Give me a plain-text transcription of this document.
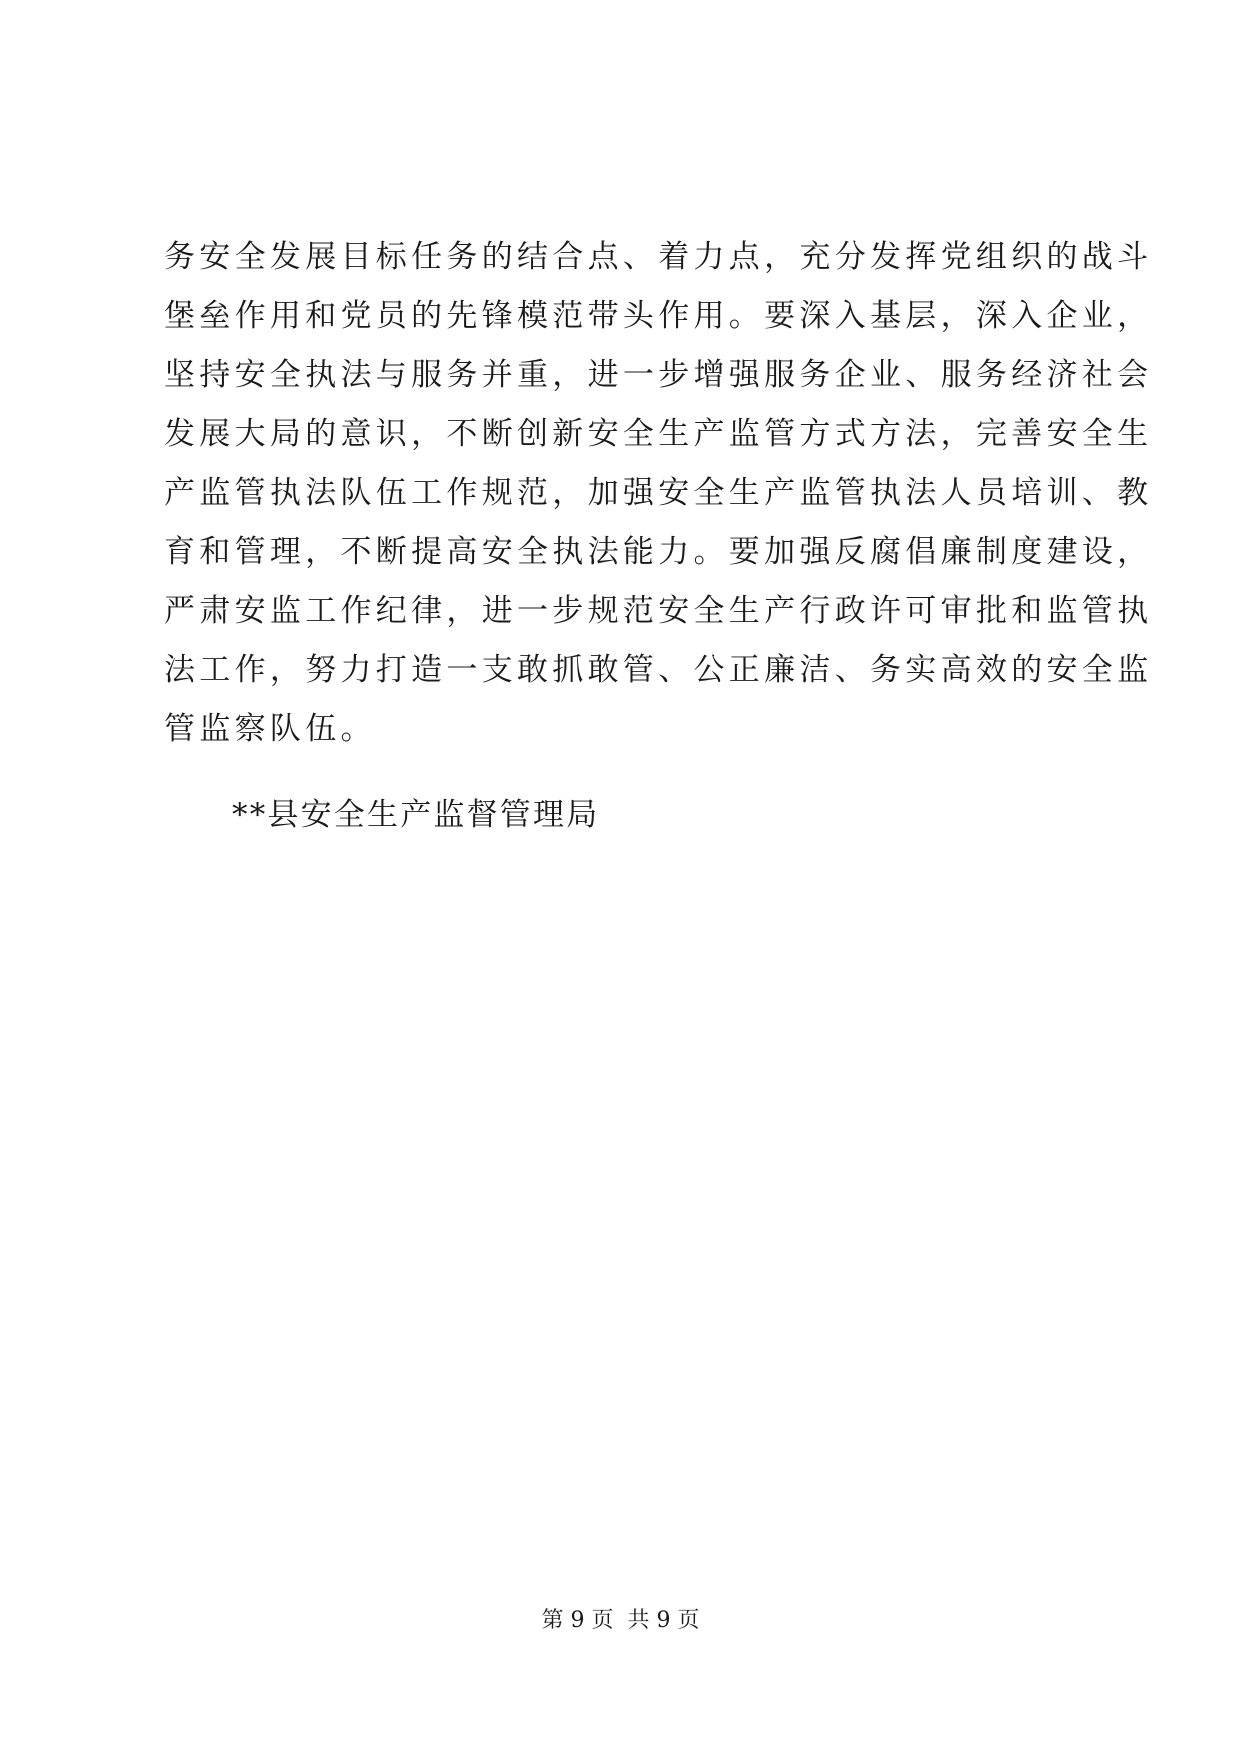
务安全发展目标任务的结合点、着力点，充分发挥党组织的战斗
堡垒作用和党员的先锋模范带头作用。要深入基层，深入企业，
坚持安全执法与服务并重，进一步增强服务企业、服务经济社会
发展大局的意识，不断创新安全生产监管方式方法，完善安全生
产监管执法队伍工作规范，加强安全生产监管执法人员培训、教
育和管理，不断提高安全执法能力。要加强反腐倡廉制度建设，
严肃安监工作纪律，进一步规范安全生产行政许可审批和监管执
法工作，努力打造一支敢抓敢管、公正廉洁、务实高效的安全监
管监察队伍。
**县安全生产监督管理局
第 9 页 共 9 页
